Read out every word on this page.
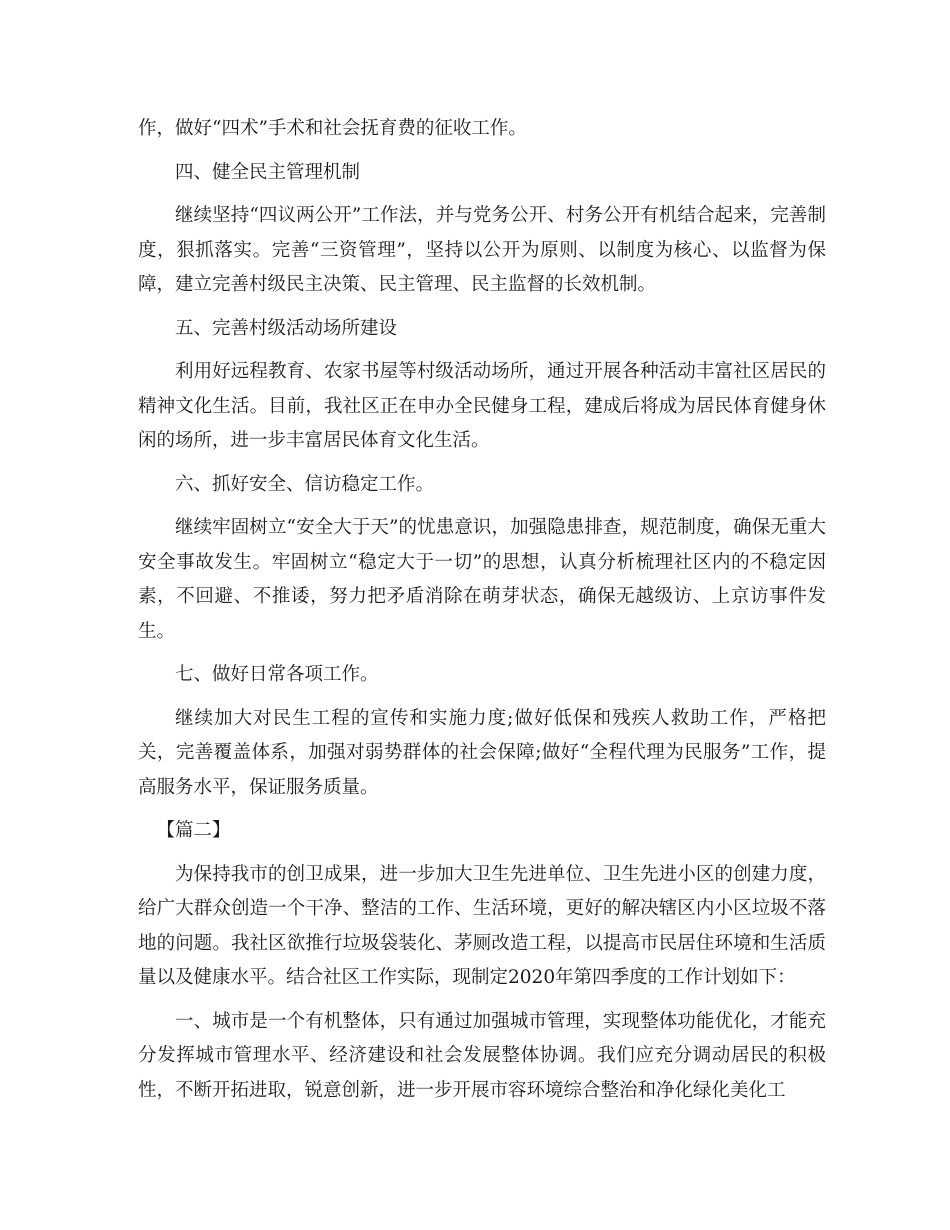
作，做好“四术”手术和社会抚育费的征收工作。

四、健全民主管理机制

继续坚持“四议两公开”工作法，并与党务公开、村务公开有机结合起来，完善制度，狠抓落实。完善“三资管理”，坚持以公开为原则、以制度为核心、以监督为保障，建立完善村级民主决策、民主管理、民主监督的长效机制。

五、完善村级活动场所建设

利用好远程教育、农家书屋等村级活动场所，通过开展各种活动丰富社区居民的精神文化生活。目前，我社区正在申办全民健身工程，建成后将成为居民体育健身休闲的场所，进一步丰富居民体育文化生活。

六、抓好安全、信访稳定工作。

继续牢固树立“安全大于天”的忧患意识，加强隐患排查，规范制度，确保无重大安全事故发生。牢固树立“稳定大于一切”的思想，认真分析梳理社区内的不稳定因素，不回避、不推诿，努力把矛盾消除在萌芽状态，确保无越级访、上京访事件发生。

七、做好日常各项工作。

继续加大对民生工程的宣传和实施力度;做好低保和残疾人救助工作，严格把关，完善覆盖体系，加强对弱势群体的社会保障;做好“全程代理为民服务”工作，提高服务水平，保证服务质量。

【篇二】

为保持我市的创卫成果，进一步加大卫生先进单位、卫生先进小区的创建力度，给广大群众创造一个干净、整洁的工作、生活环境，更好的解决辖区内小区垃圾不落地的问题。我社区欲推行垃圾袋装化、茅厕改造工程，以提高市民居住环境和生活质量以及健康水平。结合社区工作实际，现制定2020年第四季度的工作计划如下：

一、城市是一个有机整体，只有通过加强城市管理，实现整体功能优化，才能充分发挥城市管理水平、经济建设和社会发展整体协调。我们应充分调动居民的积极性，不断开拓进取，锐意创新，进一步开展市容环境综合整治和净化绿化美化工
